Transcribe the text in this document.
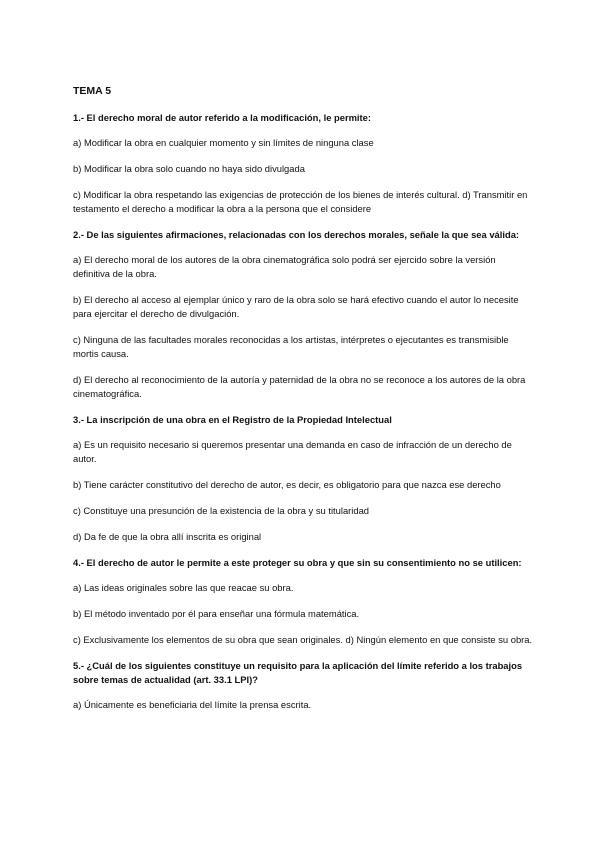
TEMA 5
1.- El derecho moral de autor referido a la modificación, le permite:
a) Modificar la obra en cualquier momento y sin límites de ninguna clase
b) Modificar la obra solo cuando no haya sido divulgada
c) Modificar la obra respetando las exigencias de protección de los bienes de interés cultural. d) Transmitir en testamento el derecho a modificar la obra a la persona que el considere
2.- De las siguientes afirmaciones, relacionadas con los derechos morales, señale la que sea válida:
a) El derecho moral de los autores de la obra cinematográfica solo podrá ser ejercido sobre la versión definitiva de la obra.
b) El derecho al acceso al ejemplar único y raro de la obra solo se hará efectivo cuando el autor lo necesite para ejercitar el derecho de divulgación.
c) Ninguna de las facultades morales reconocidas a los artistas, intérpretes o ejecutantes es transmisible mortis causa.
d) El derecho al reconocimiento de la autoría y paternidad de la obra no se reconoce a los autores de la obra cinematográfica.
3.- La inscripción de una obra en el Registro de la Propiedad Intelectual
a) Es un requisito necesario si queremos presentar una demanda en caso de infracción de un derecho de autor.
b) Tiene carácter constitutivo del derecho de autor, es decir, es obligatorio para que nazca ese derecho
c) Constituye una presunción de la existencia de la obra y su titularidad
d) Da fe de que la obra allí inscrita es original
4.- El derecho de autor le permite a este proteger su obra y que sin su consentimiento no se utilicen:
a) Las ideas originales sobre las que reacae su obra.
b) El método inventado por él para enseñar una fórmula matemática.
c) Exclusivamente los elementos de su obra que sean originales. d) Ningún elemento en que consiste su obra.
5.- ¿Cuál de los siguientes constituye un requisito para la aplicación del límite referido a los trabajos sobre temas de actualidad (art. 33.1 LPI)?
a) Únicamente es beneficiaria del límite la prensa escrita.
